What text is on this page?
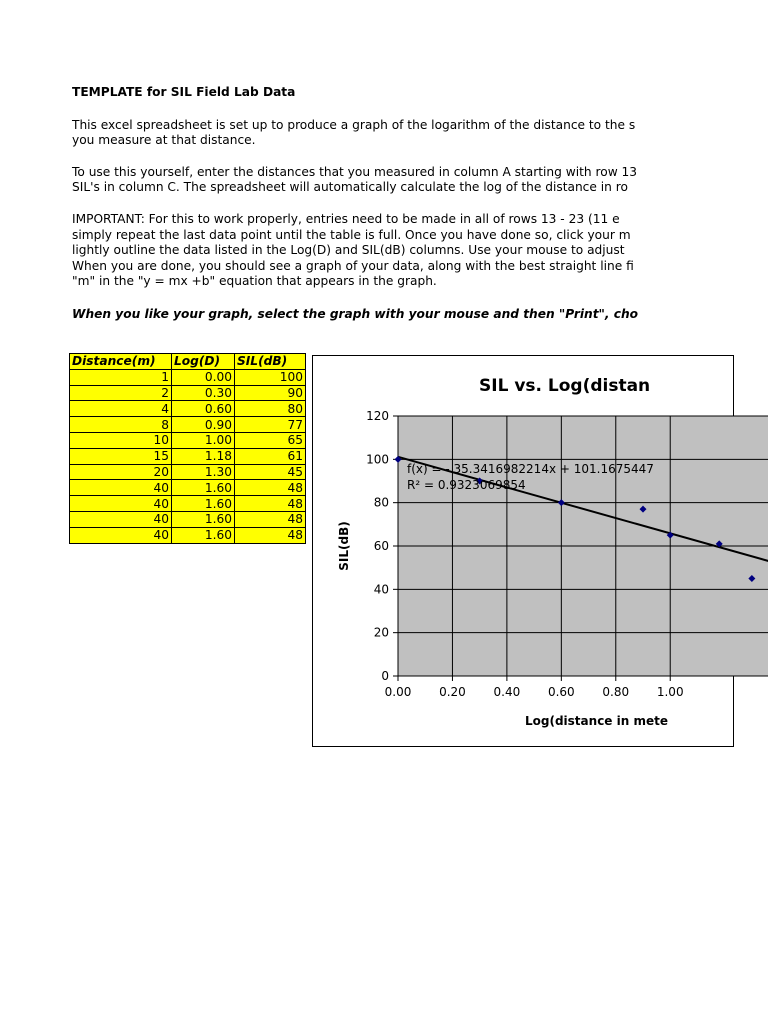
TEMPLATE for SIL Field Lab Data
This excel spreadsheet is set up to produce a graph of the logarithm of the distance to the s
you measure at that distance.
To use this yourself, enter the distances that you measured in column A starting with row 13
SIL's in column C. The spreadsheet will automatically calculate the log of the distance in ro
IMPORTANT: For this to work properly, entries need to be made in all of rows 13 - 23 (11 e
simply repeat the last data point until the table is full. Once you have done so, click your m
lightly outline the data listed in the Log(D) and SIL(dB) columns. Use your mouse to adjust
When you are done, you should see a graph of your data, along with the best straight line fi
"m" in the "y = mx +b" equation that appears in the graph.
When you like your graph, select the graph with your mouse and then "Print", cho
Distance(m)	Log(D)	SIL(dB)
1	0.00	100
2	0.30	90
4	0.60	80
8	0.90	77
10	1.00	65
15	1.18	61
20	1.30	45
40	1.60	48
40	1.60	48
40	1.60	48
40	1.60	48
0
20
40
60
80
100
120
0.00 0.20 0.40 0.60 0.80 1.00
f(x) = - 35.3416982214x + 101.1675447
R² = 0.9323069854
SIL vs. Log(distan
SIL(dB)
Log(distance in mete
